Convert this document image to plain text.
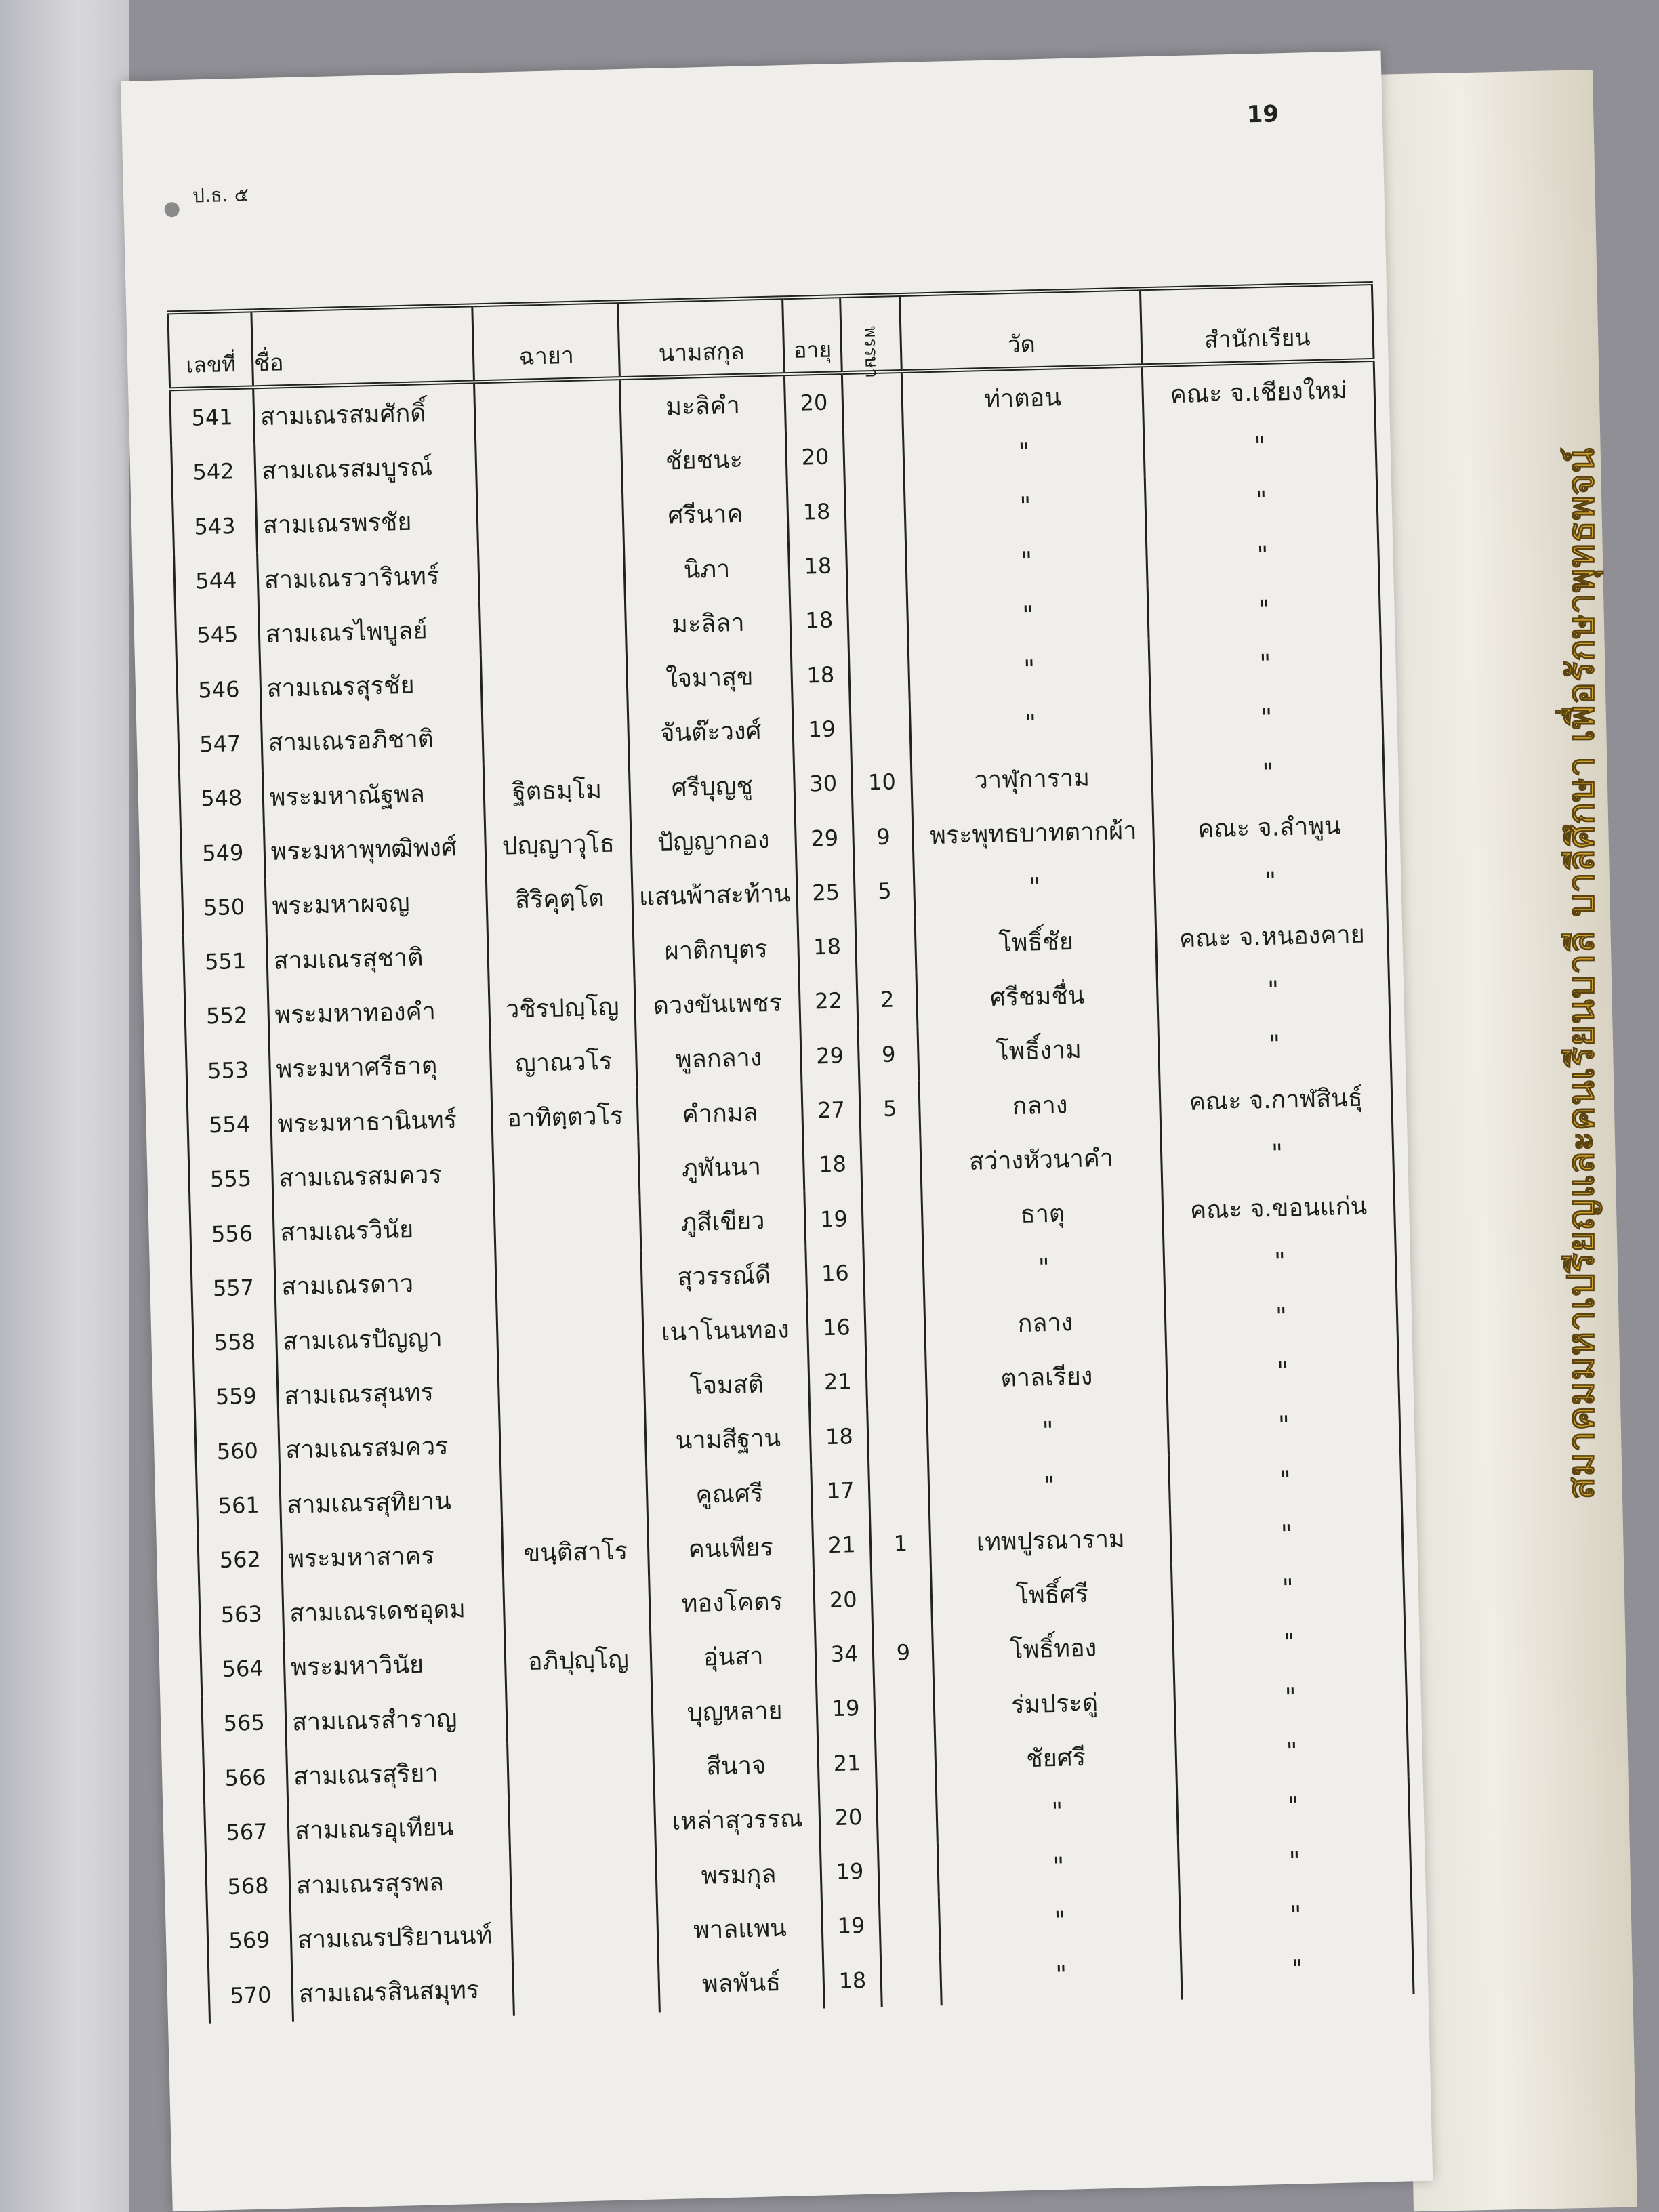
19
ป.ธ. ๕
เลขที่	ชื่อ	ฉายา	นามสกุล	อายุ	พรรษา	วัด	สำนักเรียน
541	สามเณรสมศักดิ์		มะลิคำ	20		ท่าตอน	คณะ จ.เชียงใหม่
542	สามเณรสมบูรณ์		ชัยชนะ	20		"	"
543	สามเณรพรชัย		ศรีนาค	18		"	"
544	สามเณรวารินทร์		นิภา	18		"	"
545	สามเณรไพบูลย์		มะลิลา	18		"	"
546	สามเณรสุรชัย		ใจมาสุข	18		"	"
547	สามเณรอภิชาติ		จันต๊ะวงศ์	19		"	"
548	พระมหาณัฐพล	ฐิตธมฺโม	ศรีบุญชู	30	10	วาฬุการาม	"
549	พระมหาพุทฒิพงศ์	ปญฺญาวุโธ	ปัญญากอง	29	9	พระพุทธบาทตากผ้า	คณะ จ.ลำพูน
550	พระมหาผจญ	สิริคุตฺโต	แสนพ้าสะท้าน	25	5	"	"
551	สามเณรสุชาติ		ผาติกบุตร	18		โพธิ์ชัย	คณะ จ.หนองคาย
552	พระมหาทองคำ	วชิรปญฺโญ	ดวงขันเพชร	22	2	ศรีชมชื่น	"
553	พระมหาศรีธาตุ	ญาณวโร	พูลกลาง	29	9	โพธิ์งาม	"
554	พระมหาธานินทร์	อาทิตฺตวโร	คำกมล	27	5	กลาง	คณะ จ.กาฬสินธุ์
555	สามเณรสมควร		ภูพันนา	18		สว่างหัวนาคำ	"
556	สามเณรวินัย		ภูสีเขียว	19		ธาตุ	คณะ จ.ขอนแก่น
557	สามเณรดาว		สุวรรณ์ดี	16		"	"
558	สามเณรปัญญา		เนาโนนทอง	16		กลาง	"
559	สามเณรสุนทร		โจมสติ	21		ตาลเรียง	"
560	สามเณรสมควร		นามสีฐาน	18		"	"
561	สามเณรสุทิยาน		คูณศรี	17		"	"
562	พระมหาสาคร	ขนฺติสาโร	คนเพียร	21	1	เทพปูรณาราม	"
563	สามเณรเดชอุดม		ทองโคตร	20		โพธิ์ศรี	"
564	พระมหาวินัย	อภิปุญฺโญ	อุ่นสา	34	9	โพธิ์ทอง	"
565	สามเณรสำราญ		บุญหลาย	19		ร่มประดู่	"
566	สามเณรสุริยา		สีนาจ	21		ชัยศรี	"
567	สามเณรอุเทียน		เหล่าสุวรรณ	20		"	"
568	สามเณรสุรพล		พรมกุล	19		"	"
569	สามเณรปริยานนท์		พาลแพน	19		"	"
570	สามเณรสินสมุทร		พลพันธ์	18		"	"
สมาคมมหาเปรียญและคนเรียนบาลี บาลีศึกษา เพื่อรักษาพุทธพจน์
